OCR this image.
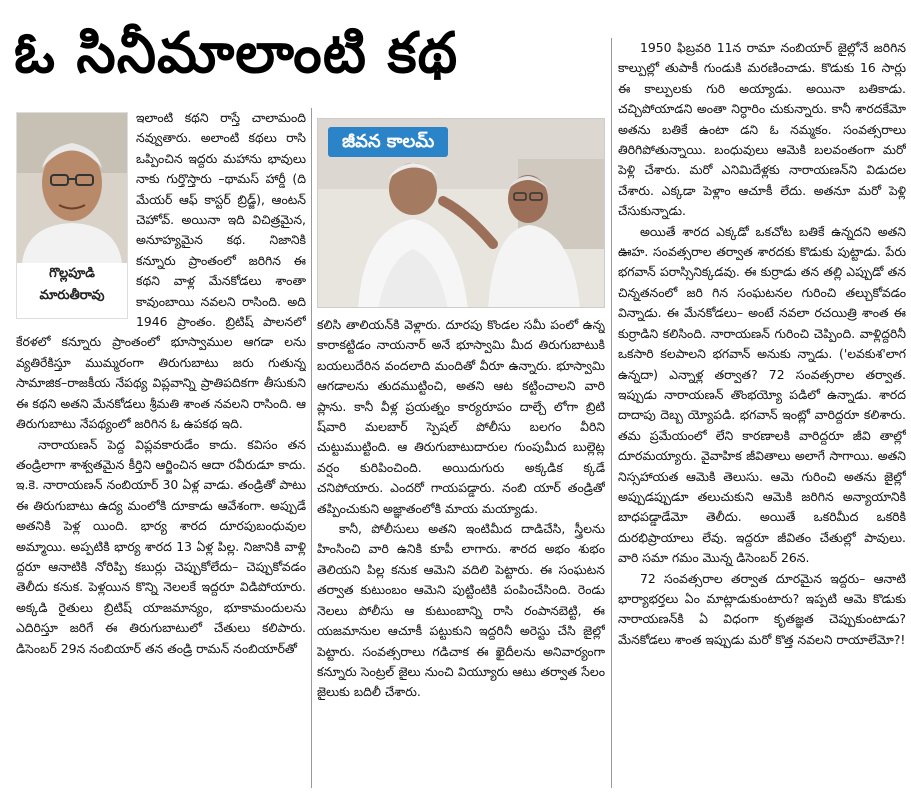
ఓ సినీమాలాంటి కథ
గొల్లపూడి
మారుతీరావు

ఇలాంటి కథని రాస్తే చాలామంది నవ్వుతారు. అలాంటి కథలు రాసి ఒప్పించిన ఇద్దరు మహాను భావులు నాకు గుర్తొస్తారు –థామస్ హార్డీ (ది మేయర్ ఆఫ్ కాస్టర్ బ్రిడ్జ్), ఆంటన్ చెహోవ్. అయినా ఇది విచిత్రమైన, అనూహ్యమైన కథ. నిజానికి కన్నూరు ప్రాంతంలో జరిగిన ఈ కథని వాళ్ల మేనకోడలు శాంతా కావుంబాయి నవలని రాసింది. అది 1946 ప్రాంతం. బ్రిటిష్ పాలనలో కేరళలో కన్నూరు ప్రాంతంలో భూస్వాముల ఆగడా లను వ్యతిరేకిస్తూ ముమ్మరంగా తిరుగుబాటు జరు గుతున్న సామాజిక–రాజకీయ నేపథ్య విప్లవాన్ని ప్రాతిపదికగా తీసుకుని ఈ కథని అతని మేనకోడలు శ్రీమతి శాంత నవలని రాసింది. ఆ తిరుగుబాటు నేపథ్యంలో జరిగిన ఓ ఉపకథ ఇది.

నారాయణన్ పెద్ద విప్లవకారుడేం కాదు. కవిసం తన తండ్రిలాగా శాశ్వతమైన కీర్తిని ఆర్జించిన ఆదా రవీరుడూ కాదు. ఇ.కె. నారాయణన్ నంబియార్ 30 ఏళ్ల వాడు. తండ్రితో పాటు ఈ తిరుగుబాటు ఉద్య మంలోకి దూకాడు ఆవేశంగా. అప్పుడే అతనికి పెళ్ల యింది. భార్య శారద దూరపుబంధువుల అమ్మాయి. అప్పటికి భార్య శారద 13 ఏళ్ల పిల్ల. నిజానికి వాళ్లి ద్దరూ ఆనాటికి నోరిప్పి కబుర్లు చెప్పుకోలేదు– చెప్పుకోవడం తెలీదు కనుక. పెళ్లయిన కొన్ని నెలలకే ఇద్దరూ విడిపోయారు. అక్కడి రైతులు బ్రిటిష్ యాజమాన్యం, భూకామందులను ఎదిరిస్తూ జరిగే ఈ తిరుగుబాటులో చేతులు కలిపారు. డిసెంబర్ 29న నంబియార్ తన తండ్రి రామన్ నంబియార్‌తో

జీవన కాలమ్

కలిసి తాలియన్‌కి వెళ్లారు. దూరపు కొండల సమీ పంలో ఉన్న కారాకట్టిడం నాయనార్ అనే భూస్వామి మీద తిరుగుబాటుకి బయలుదేరిన వందలాది మందితో వీరూ ఉన్నారు. భూస్వామి ఆగడాలను తుదముట్టించి, అతని ఆట కట్టించాలని వారి ప్లాను. కానీ వీళ్ల ప్రయత్నం కార్యరూపం దాల్చే లోగా బ్రిటి ష్‌వారి మలబార్ స్పెషల్ పోలీసు బలగం వీరిని చుట్టుముట్టింది. ఆ తిరుగుబాటుదారుల గుంపుమీద బుల్లెట్ల వర్షం కురిపించింది. అయిదుగురు అక్కడిక క్కడే చనిపోయారు. ఎందరో గాయపడ్డారు. నంబి యార్ తండ్రితో తప్పించుకుని అజ్ఞాతంలోకి మాయ మయ్యాడు.

కానీ, పోలీసులు అతని ఇంటిమీద దాడిచేసి, స్త్రీలను హింసించి వారి ఉనికి కూపీ లాగారు. శారద అభం శుభం తెలియని పిల్ల కనుక ఆమెని వదిలి పెట్టారు. ఈ సంఘటన తర్వాత కుటుంబం ఆమెని పుట్టింటికి పంపించేసింది. రెండు నెలలు పోలీసు ఆ కుటుంబాన్ని రాసి రంపానబెట్టి, ఈ యజమానుల ఆచూకీ పట్టుకుని ఇద్దరినీ అరెస్టు చేసి జైల్లో పెట్టారు. సంవత్సరాలు గడిచాక ఈ ఖైదీలను అనివార్యంగా కన్నూరు సెంట్రల్ జైలు నుంచి వియ్యూరు ఆటు తర్వాత సేలం జైలుకు బదిలీ చేశారు.

1950 ఫిబ్రవరి 11న రామా నంబియార్ జైల్లోనే జరిగిన కాల్పుల్లో తుపాకీ గుండుకి మరణించాడు. కొడుకు 16 సార్లు ఈ కాల్పులకు గురి అయ్యాడు. అయినా బతికాడు. చచ్చిపోయాడని అంతా నిర్ధారిం చుకున్నారు. కానీ శారదకేమో అతను బతికే ఉంటా డని ఓ నమ్మకం. సంవత్సరాలు తిరిగిపోతున్నాయి. బంధువులు ఆమెకి బలవంతంగా మరో పెళ్లి చేశారు. మరో ఎనిమిదేళ్లకు నారాయణన్‌ని విడుదల చేశారు. ఎక్కడా పెళ్లాం ఆచూకీ లేదు. అతనూ మరో పెళ్లి చేసుకున్నాడు.

అయితే శారద ఎక్కడో ఒకచోట బతికే ఉన్నదని అతని ఊహ. సంవత్సరాల తర్వాత శారదకు కొడుకు పుట్టాడు. పేరు భగవాన్ పరాస్సినిక్కడవు. ఈ కుర్రాడు తన తల్లి ఎప్పుడో తన చిన్నతనంలో జరి గిన సంఘటనల గురించి తల్చుకోవడం విన్నాడు. ఈ మేనకోడలు– అంటే నవలా రచయిత్రి శాంత ఈ కుర్రాడిని కలిసింది. నారాయణన్ గురించి చెప్పింది. వాళ్లిద్దరినీ ఒకసారి కలపాలని భగవాన్ అనుకు న్నాడు. ('లవకుశ'లాగ ఉన్నదా) ఎన్నాళ్ల తర్వాత? 72 సంవత్సరాల తర్వాత. ఇప్పుడు నారాయణన్ తొంభయ్యో పడిలో ఉన్నాడు. శారద దాదాపు దెబ్బ య్యోపడి. భగవాన్ ఇంట్లో వారిద్దరూ కలిశారు. తమ ప్రమేయంలో లేని కారణాలకి వారిద్దరూ జీవి తాల్లో దూరమయ్యారు. వైవాహిక జీవితాలు అలాగే సాగాయి. అతని నిస్సహాయత ఆమెకి తెలుసు. ఆమె గురించి అతను జైల్లో అప్పుడప్పుడూ తలుచుకుని ఆమెకి జరిగిన అన్యాయానికి బాధపడ్డాడేమో తెలీదు. అయితే ఒకరిమీద ఒకరికి దురభిప్రాయాలు లేవు. ఇద్దరూ జీవితం చేతుల్లో పావులు. వారి సమా గమం మొన్న డిసెంబర్ 26న.

72 సంవత్సరాల తర్వాత దూరమైన ఇద్దరు– ఆనాటి భార్యాభర్తలు ఏం మాట్లాడుకుంటారు? ఇప్పటి ఆమె కొడుకు నారాయణన్‌కి ఏ విధంగా కృతజ్ఞత చెప్పుకుంటాడు? మేనకోడలు శాంత ఇప్పుడు మరో కొత్త నవలని రాయాలేమో?!
